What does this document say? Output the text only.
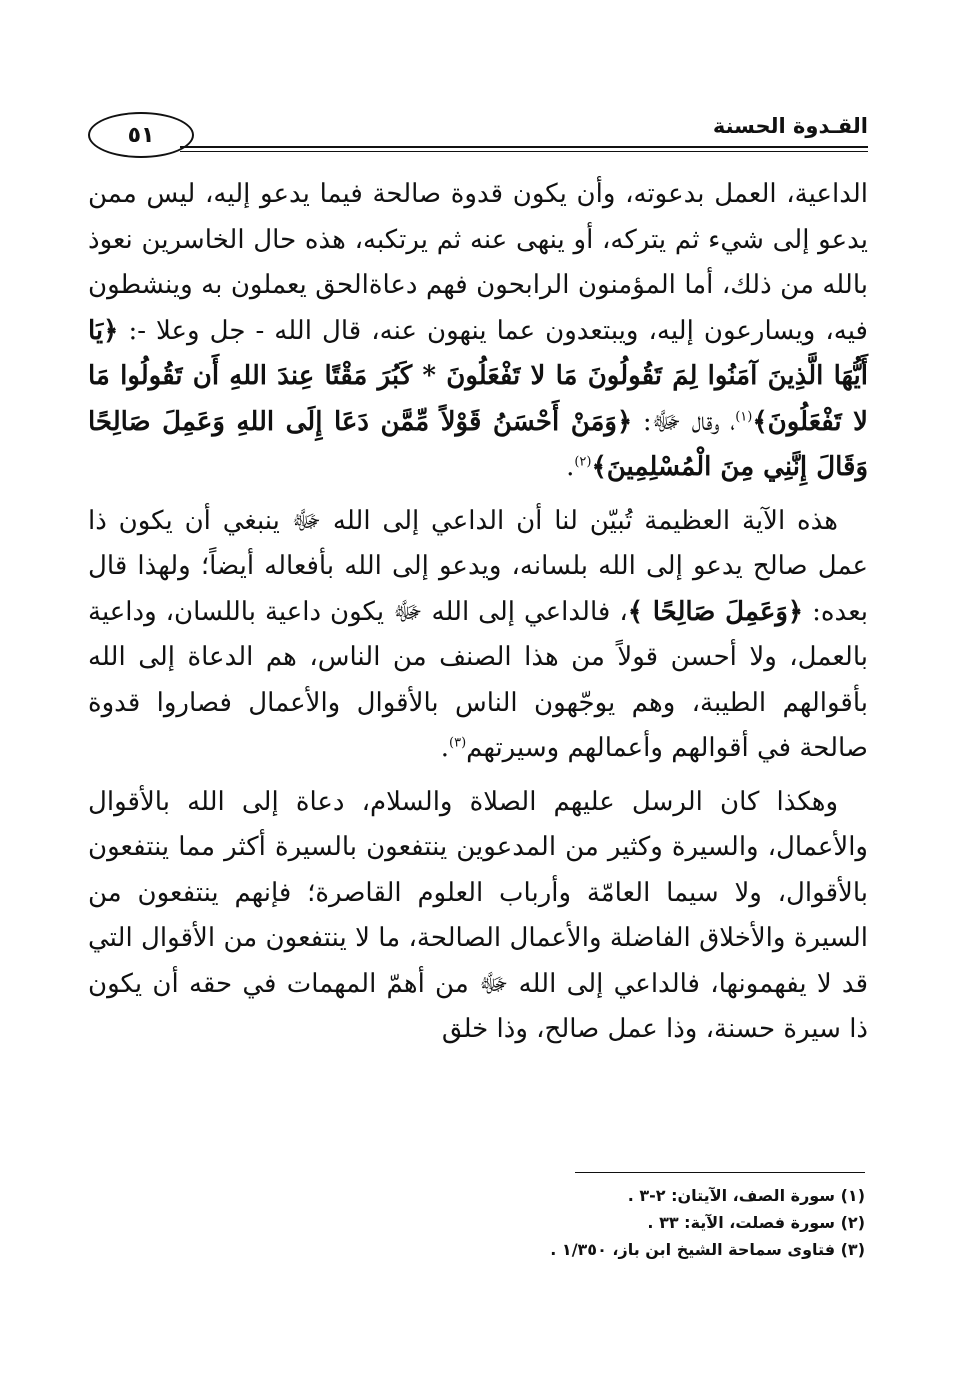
القـدوة الحسنة
٥١

الداعية، العمل بدعوته، وأن يكون قدوة صالحة فيما يدعو إليه، ليس ممن يدعو إلى شيء ثم يتركه، أو ينهى عنه ثم يرتكبه، هذه حال الخاسرين نعوذ بالله من ذلك، أما المؤمنون الرابحون فهم دعاةالحق يعملون به وينشطون فيه، ويسارعون إليه، ويبتعدون عما ينهون عنه، قال الله - جل وعلا -: ﴿يَا أَيُّهَا الَّذِينَ آمَنُوا لِمَ تَقُولُونَ مَا لا تَفْعَلُونَ * كَبُرَ مَقْتًا عِندَ اللهِ أَن تَقُولُوا مَا لا تَفْعَلُونَ﴾$^{(١)}$، وقال ﷻ: ﴿وَمَنْ أَحْسَنُ قَوْلاً مِّمَّن دَعَا إِلَى اللهِ وَعَمِلَ صَالِحًا وَقَالَ إِنَّنِي مِنَ الْمُسْلِمِينَ﴾$^{(٢)}$.

هذه الآية العظيمة تُبيّن لنا أن الداعي إلى الله ﷻ ينبغي أن يكون ذا عمل صالح يدعو إلى الله بلسانه، ويدعو إلى الله بأفعاله أيضاً؛ ولهذا قال بعده: ﴿وَعَمِلَ صَالِحًا ﴾، فالداعي إلى الله ﷻ يكون داعية باللسان، وداعية بالعمل، ولا أحسن قولاً من هذا الصنف من الناس، هم الدعاة إلى الله بأقوالهم الطيبة، وهم يوجّهون الناس بالأقوال والأعمال فصاروا قدوة صالحة في أقوالهم وأعمالهم وسيرتهم$^{(٣)}$.

وهكذا كان الرسل عليهم الصلاة والسلام، دعاة إلى الله بالأقوال والأعمال، والسيرة وكثير من المدعوين ينتفعون بالسيرة أكثر مما ينتفعون بالأقوال، ولا سيما العامّة وأرباب العلوم القاصرة؛ فإنهم ينتفعون من السيرة والأخلاق الفاضلة والأعمال الصالحة، ما لا ينتفعون من الأقوال التي قد لا يفهمونها، فالداعي إلى الله ﷻ من أهمّ المهمات في حقه أن يكون ذا سيرة حسنة، وذا عمل صالح، وذا خلق

(١) سورة الصف، الآيتان: ٢-٣ .
(٢) سورة فصلت، الآية: ٣٣ .
(٣) فتاوى سماحة الشيخ ابن باز، ١/٣٥٠ .
